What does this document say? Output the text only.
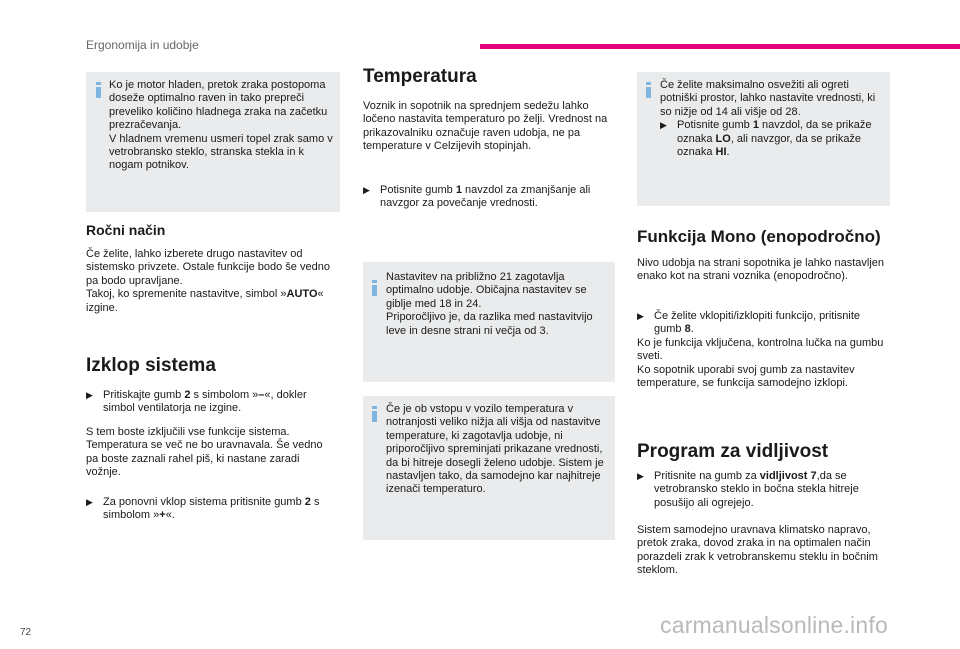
Ergonomija in udobje

Ko je motor hladen, pretok zraka postopoma doseže optimalno raven in tako prepreči preveliko količino hladnega zraka na začetku prezračevanja.

V hladnem vremenu usmeri topel zrak samo v vetrobransko steklo, stranska stekla in k nogam potnikov.

Ročni način

Če želite, lahko izberete drugo nastavitev od sistemsko privzete. Ostale funkcije bodo še vedno pa bodo upravljane.

Takoj, ko spremenite nastavitve, simbol »AUTO« izgine.

Izklop sistema

▶ Pritiskajte gumb 2 s simbolom »–«, dokler simbol ventilatorja ne izgine.

S tem boste izključili vse funkcije sistema. Temperatura se več ne bo uravnavala. Še vedno pa boste zaznali rahel piš, ki nastane zaradi vožnje.

▶ Za ponovni vklop sistema pritisnite gumb 2 s simbolom »+«.

Temperatura

Voznik in sopotnik na sprednjem sedežu lahko ločeno nastavita temperaturo po želji. Vrednost na prikazovalniku označuje raven udobja, ne pa temperature v Celzijevih stopinjah.

▶ Potisnite gumb 1 navzdol za zmanjšanje ali navzgor za povečanje vrednosti.

Nastavitev na približno 21 zagotavlja optimalno udobje. Običajna nastavitev se giblje med 18 in 24.

Priporočljivo je, da razlika med nastavitvijo leve in desne strani ni večja od 3.

Če je ob vstopu v vozilo temperatura v notranjosti veliko nižja ali višja od nastavitve temperature, ki zagotavlja udobje, ni priporočljivo spreminjati prikazane vrednosti, da bi hitreje dosegli želeno udobje. Sistem je nastavljen tako, da samodejno kar najhitreje izenači temperaturo.

Če želite maksimalno osvežiti ali ogreti potniški prostor, lahko nastavite vrednosti, ki so nižje od 14 ali višje od 28.

▶ Potisnite gumb 1 navzdol, da se prikaže oznaka LO, ali navzgor, da se prikaže oznaka HI.

Funkcija Mono (enopodročno)

Nivo udobja na strani sopotnika je lahko nastavljen enako kot na strani voznika (enopodročno).

▶ Če želite vklopiti/izklopiti funkcijo, pritisnite gumb 8.

Ko je funkcija vključena, kontrolna lučka na gumbu sveti.

Ko sopotnik uporabi svoj gumb za nastavitev temperature, se funkcija samodejno izklopi.

Program za vidljivost

▶ Pritisnite na gumb za vidljivost 7,da se vetrobransko steklo in bočna stekla hitreje posušijo ali ogrejejo.

Sistem samodejno uravnava klimatsko napravo, pretok zraka, dovod zraka in na optimalen način porazdeli zrak k vetrobranskemu steklu in bočnim steklom.

72	carmanualsonline.info
